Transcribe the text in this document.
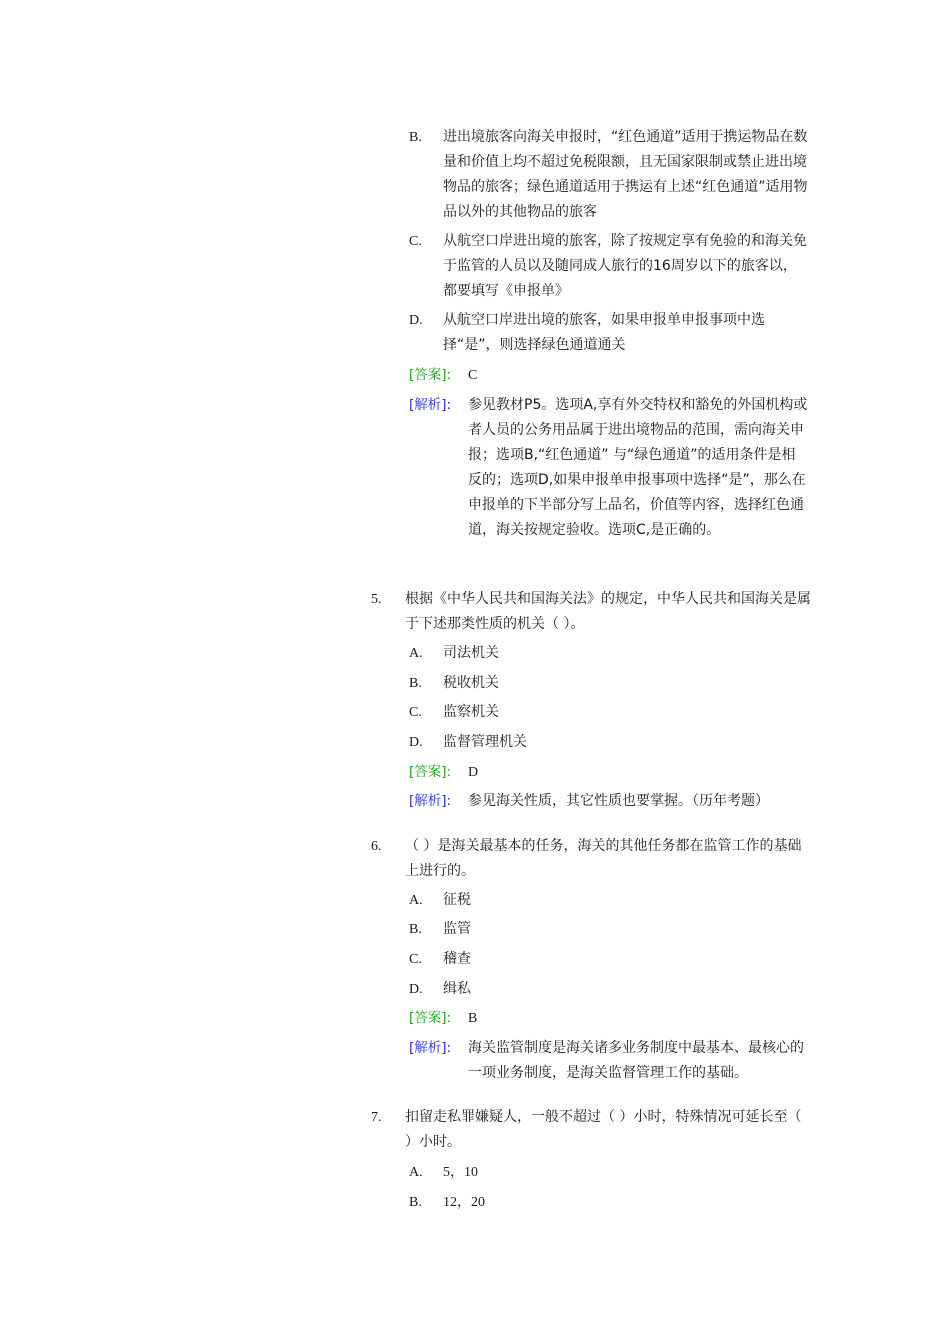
B.	进出境旅客向海关申报时，“红色通道”适用于携运物品在数量和价值上均不超过免税限额，且无国家限制或禁止进出境物品的旅客；绿色通道适用于携运有上述“红色通道”适用物品以外的其他物品的旅客
C.	从航空口岸进出境的旅客，除了按规定享有免验的和海关免于监管的人员以及随同成人旅行的16周岁以下的旅客以，都要填写《申报单》
D.	从航空口岸进出境的旅客，如果申报单申报事项中选择“是”，则选择绿色通道通关
[答案]: C
[解析]: 参见教材P5。选项A,享有外交特权和豁免的外国机构或者人员的公务用品属于进出境物品的范围，需向海关申报；选项B,“红色通道” 与“绿色通道”的适用条件是相反的；选项D,如果申报单申报事项中选择“是”，那么在申报单的下半部分写上品名，价值等内容，选择红色通道，海关按规定验收。选项C,是正确的。
5. 根据《中华人民共和国海关法》的规定，中华人民共和国海关是属于下述那类性质的机关（ ）。
A.	司法机关
B.	税收机关
C.	监察机关
D.	监督管理机关
[答案]: D
[解析]: 参见海关性质，其它性质也要掌握。（历年考题）
6. （ ）是海关最基本的任务，海关的其他任务都在监管工作的基础上进行的。
A.	征税
B.	监管
C.	稽查
D.	缉私
[答案]: B
[解析]: 海关监管制度是海关诸多业务制度中最基本、最核心的一项业务制度，是海关监督管理工作的基础。
7. 扣留走私罪嫌疑人，一般不超过（ ）小时，特殊情况可延长至（ ）小时。
A.	5，10
B.	12，20
